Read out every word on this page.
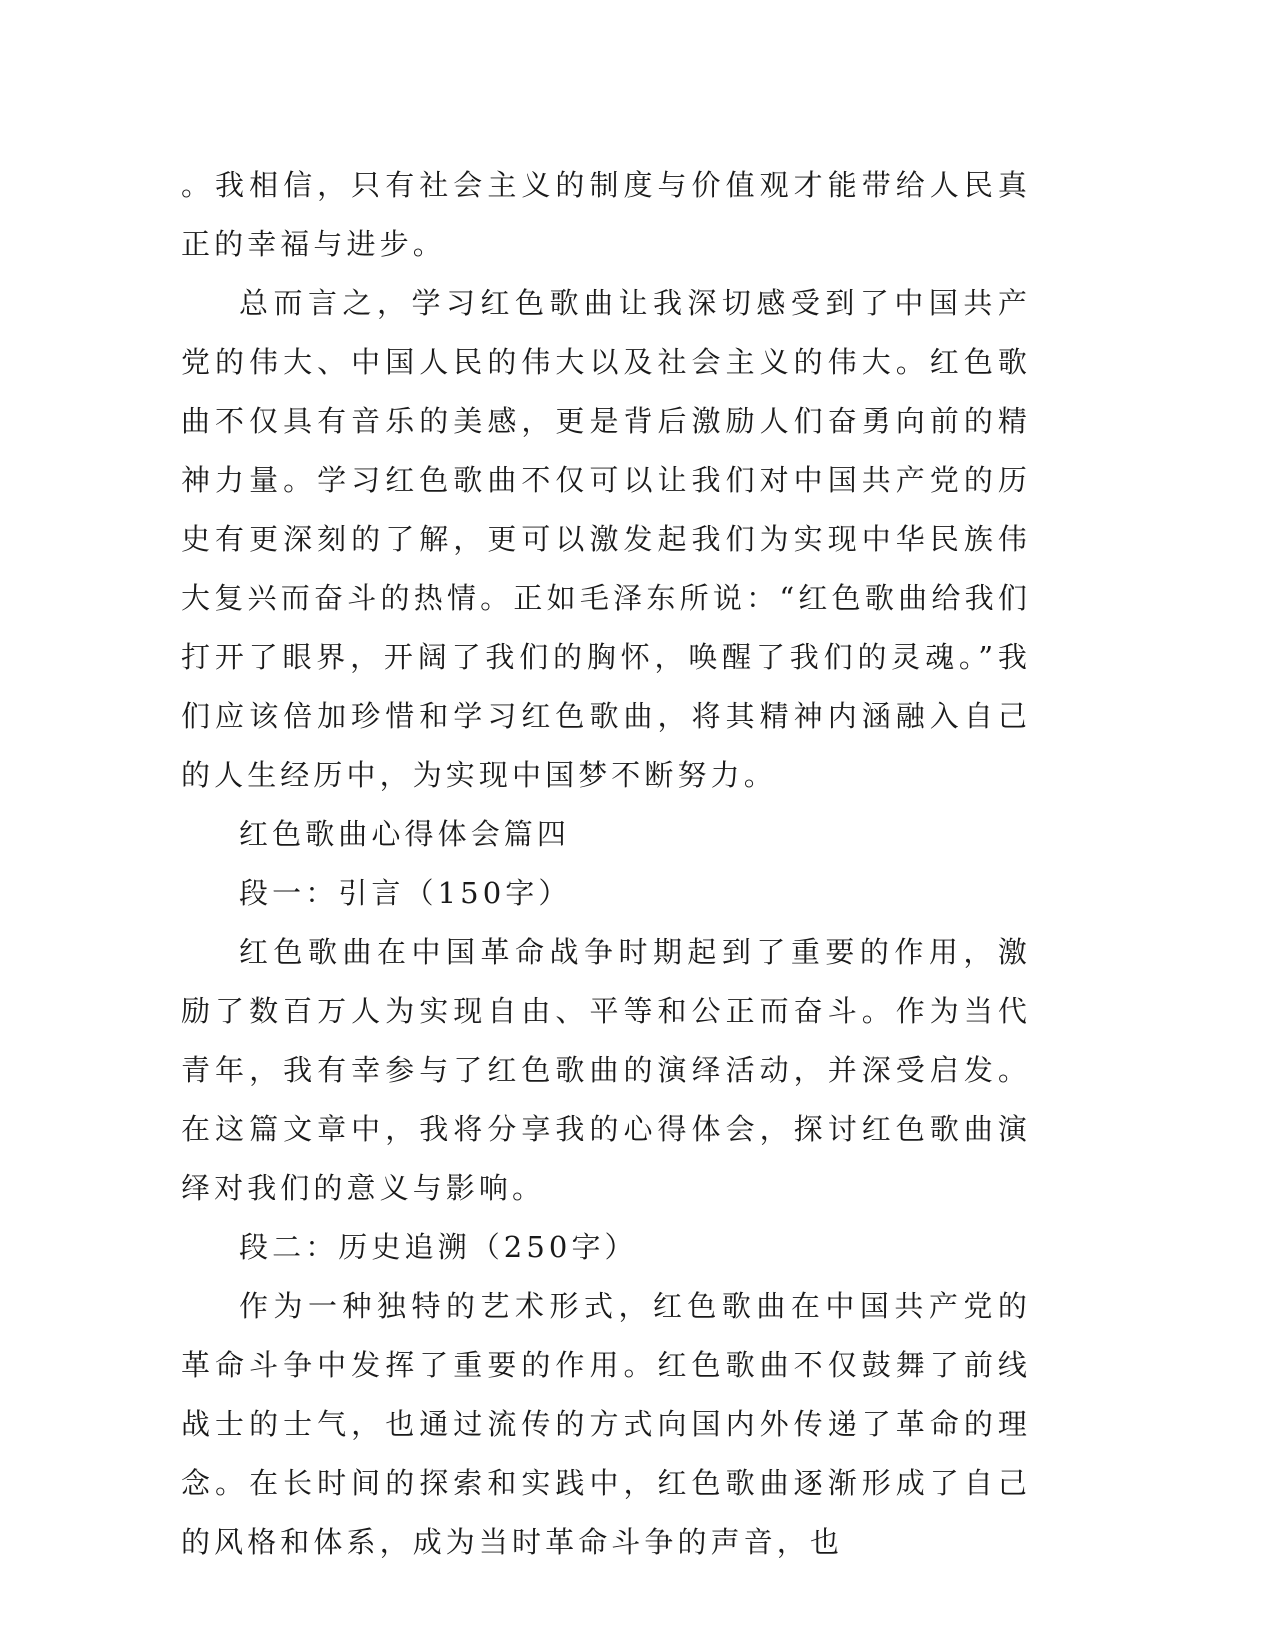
。我相信，只有社会主义的制度与价值观才能带给人民真正的幸福与进步。

总而言之，学习红色歌曲让我深切感受到了中国共产党的伟大、中国人民的伟大以及社会主义的伟大。红色歌曲不仅具有音乐的美感，更是背后激励人们奋勇向前的精神力量。学习红色歌曲不仅可以让我们对中国共产党的历史有更深刻的了解，更可以激发起我们为实现中华民族伟大复兴而奋斗的热情。正如毛泽东所说：“红色歌曲给我们打开了眼界，开阔了我们的胸怀，唤醒了我们的灵魂。”我们应该倍加珍惜和学习红色歌曲，将其精神内涵融入自己的人生经历中，为实现中国梦不断努力。

红色歌曲心得体会篇四

段一：引言（150字）

红色歌曲在中国革命战争时期起到了重要的作用，激励了数百万人为实现自由、平等和公正而奋斗。作为当代青年，我有幸参与了红色歌曲的演绎活动，并深受启发。在这篇文章中，我将分享我的心得体会，探讨红色歌曲演绎对我们的意义与影响。

段二：历史追溯（250字）

作为一种独特的艺术形式，红色歌曲在中国共产党的革命斗争中发挥了重要的作用。红色歌曲不仅鼓舞了前线战士的士气，也通过流传的方式向国内外传递了革命的理念。在长时间的探索和实践中，红色歌曲逐渐形成了自己的风格和体系，成为当时革命斗争的声音，也
